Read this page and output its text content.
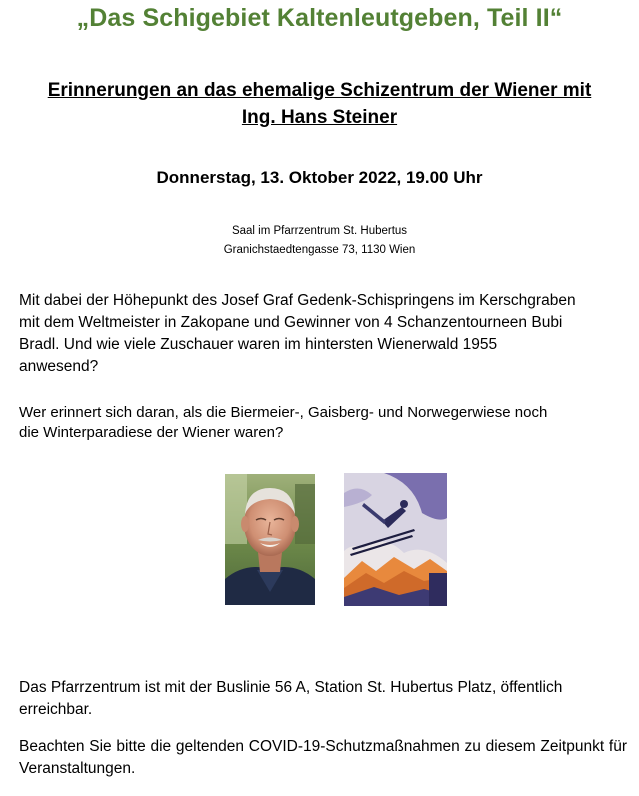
„Das Schigebiet Kaltenleutgeben, Teil II“
Erinnerungen an das ehemalige Schizentrum der Wiener mit
Ing. Hans Steiner
Donnerstag, 13. Oktober 2022, 19.00 Uhr
Saal im Pfarrzentrum St. Hubertus
Granichstaedtengasse 73, 1130 Wien
Mit dabei der Höhepunkt des Josef Graf Gedenk-Schispringens im Kerschgraben
mit dem Weltmeister in Zakopane und Gewinner von 4 Schanzentourneen Bubi
Bradl. Und wie viele Zuschauer waren im hintersten Wienerwald 1955
anwesend?
Wer erinnert sich daran, als die Biermeier-, Gaisberg- und Norwegerwiese noch
die Winterparadiese der Wiener waren?
Das Pfarrzentrum ist mit der Buslinie 56 A, Station St. Hubertus Platz, öffentlich
erreichbar.
Beachten Sie bitte die geltenden COVID-19-Schutzmaßnahmen zu diesem Zeitpunkt für Veranstaltungen.
